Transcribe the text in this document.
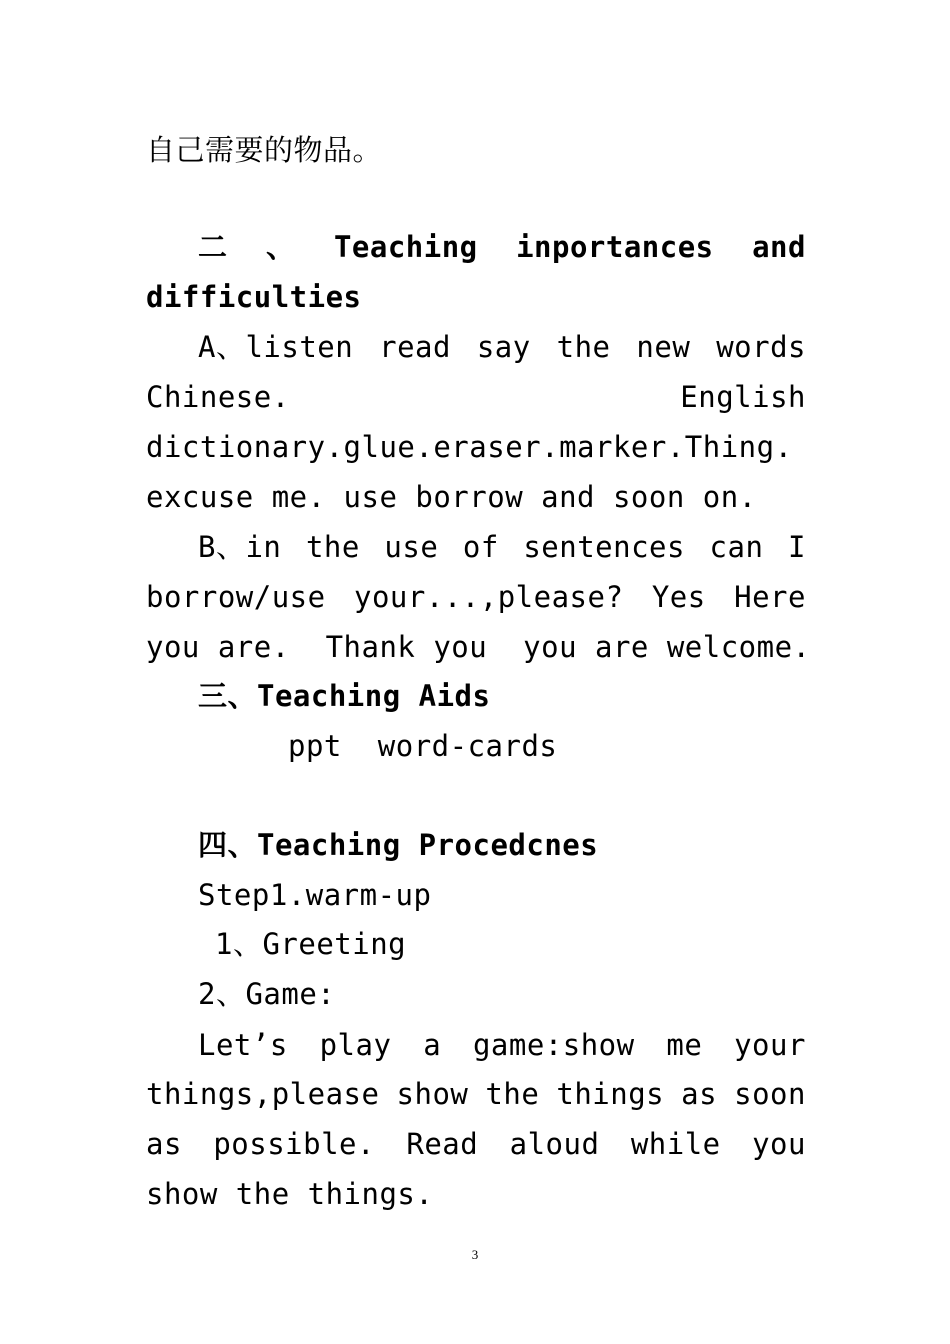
自己需要的物品。
二 、 Teaching inportances and
difficulties
A、listen read say the new words
Chinese.	English
dictionary.glue.eraser.marker.Thing.
excuse me. use borrow and soon on.
B、in the use of sentences can I
borrow/use your...,please? Yes Here
you are.  Thank you  you are welcome.
三、Teaching Aids
ppt  word-cards
四、Teaching Procedcnes
Step1.warm-up
1、Greeting
2、Game:
Let’s play a game:show me your
things,please show the things as soon
as possible. Read aloud while you
show the things.
3
